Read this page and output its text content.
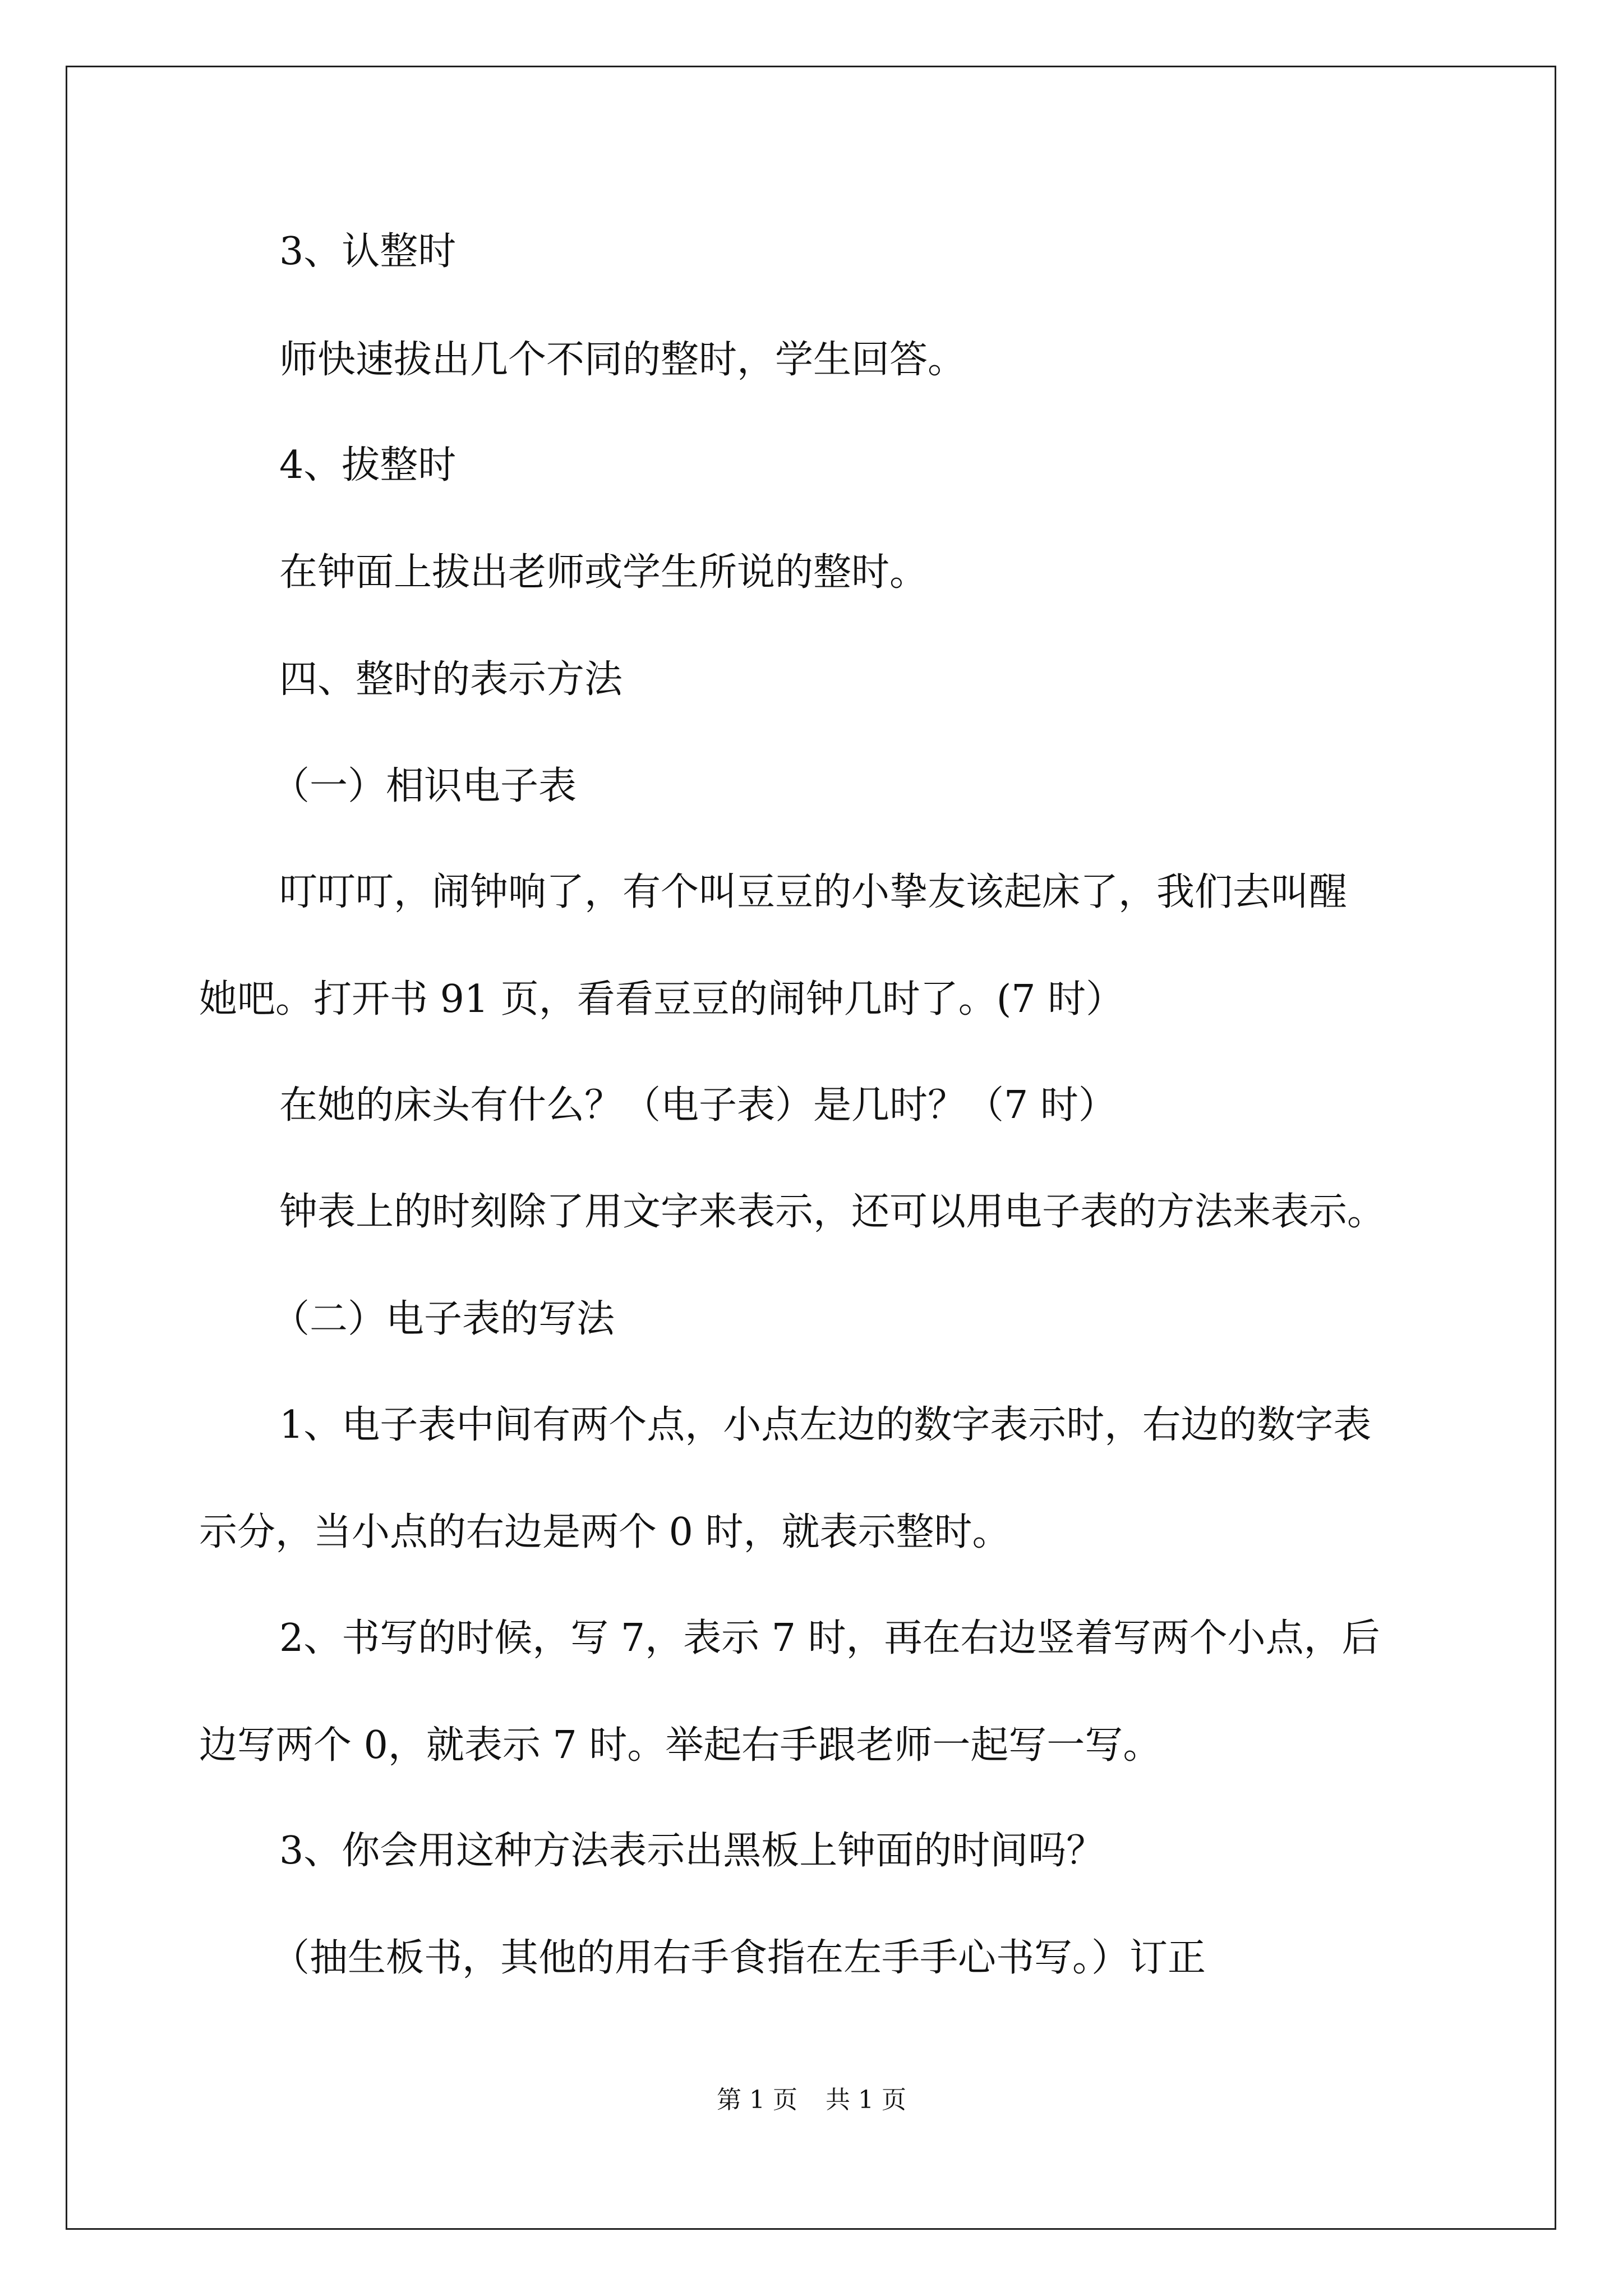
3、认整时
师快速拔出几个不同的整时，学生回答。
4、拔整时
在钟面上拔出老师或学生所说的整时。
四、整时的表示方法
（一）相识电子表
叮叮叮，闹钟响了，有个叫豆豆的小挚友该起床了，我们去叫醒
她吧。打开书 91 页，看看豆豆的闹钟几时了。(7 时）
在她的床头有什么？（电子表）是几时？（7 时）
钟表上的时刻除了用文字来表示，还可以用电子表的方法来表示。
（二）电子表的写法
1、电子表中间有两个点，小点左边的数字表示时，右边的数字表
示分，当小点的右边是两个 0 时，就表示整时。
2、书写的时候，写 7，表示 7 时，再在右边竖着写两个小点，后
边写两个 0，就表示 7 时。举起右手跟老师一起写一写。
3、你会用这种方法表示出黑板上钟面的时间吗？
（抽生板书，其他的用右手食指在左手手心书写。）订正
第 1 页 共 1 页
